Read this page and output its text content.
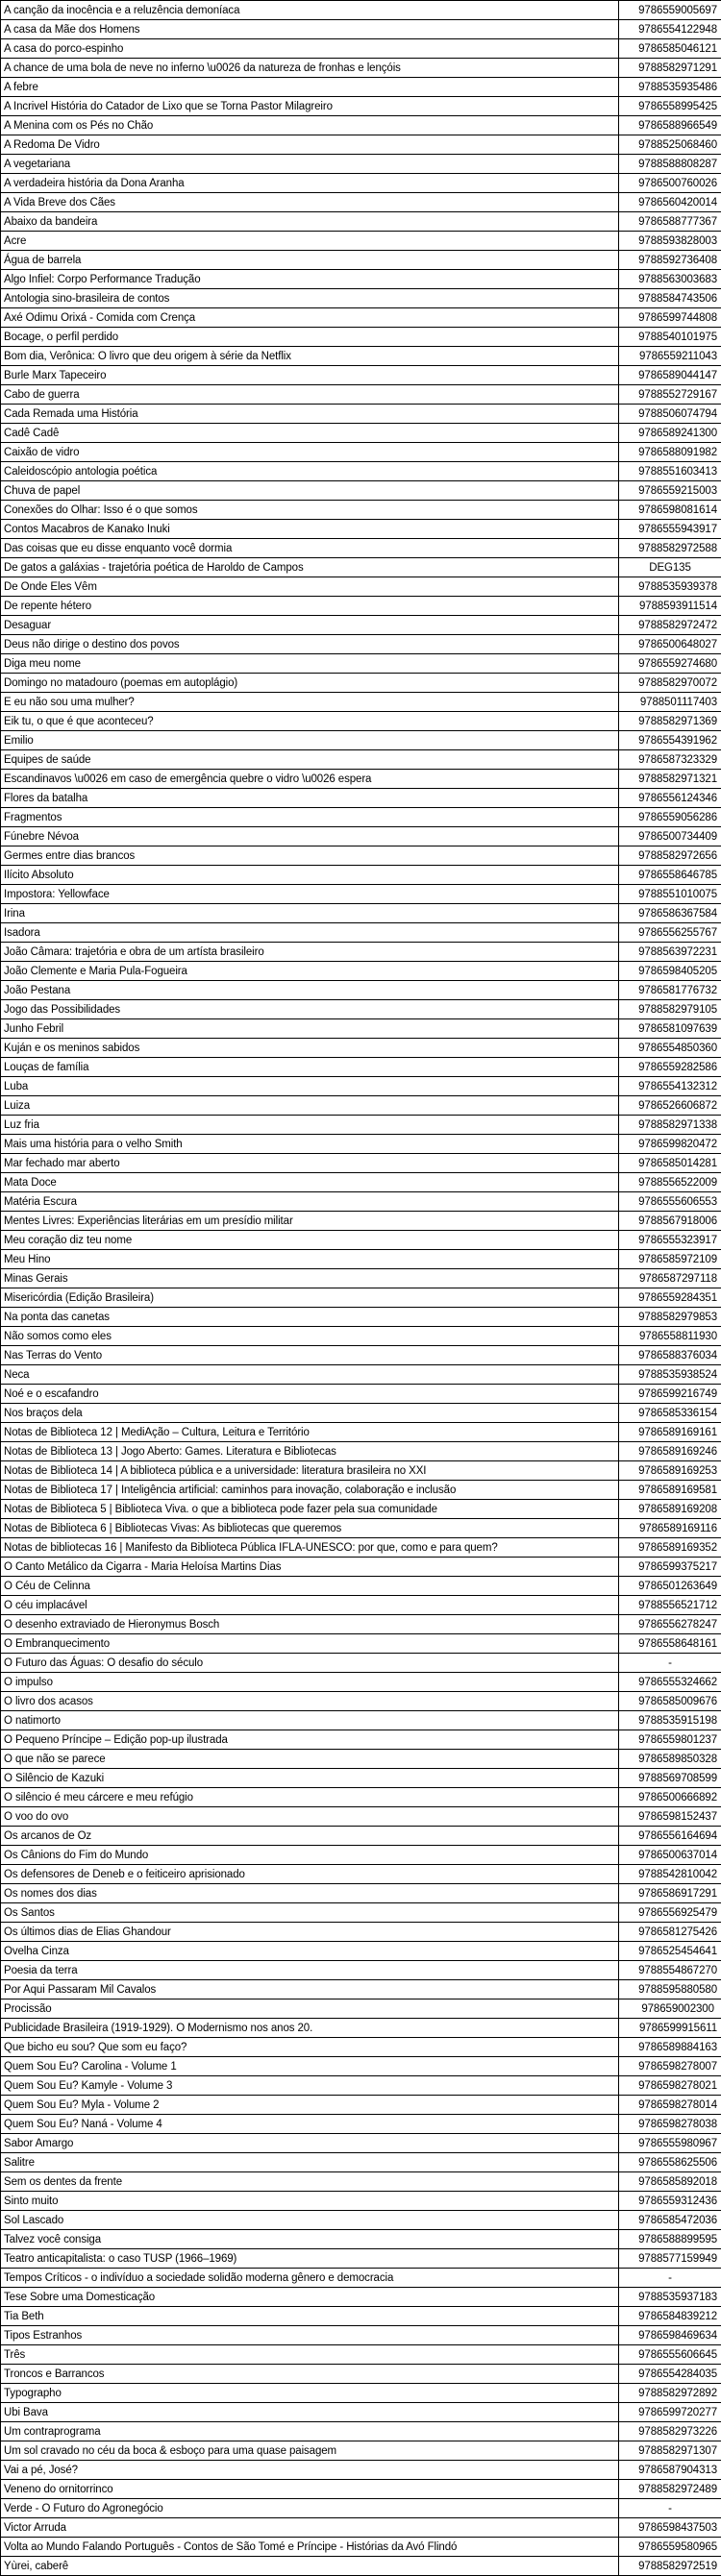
A canção da inocência e a reluzência demoníaca	9786559005697
A casa da Mãe dos Homens	9786554122948
A casa do porco-espinho	9786585046121
A chance de uma bola de neve no inferno \u0026 da natureza de fronhas e lençóis	9788582971291
A febre	9788535935486
A Incrivel História do Catador de Lixo que se Torna Pastor Milagreiro	9786558995425
A Menina com os Pés no Chão	9786588966549
A Redoma De Vidro	9788525068460
A vegetariana	9788588808287
A verdadeira história da Dona Aranha	9786500760026
A Vida Breve dos Cães	9786560420014
Abaixo da bandeira	9786588777367
Acre	9788593828003
Água de barrela	9788592736408
Algo Infiel: Corpo Performance Tradução	9788563003683
Antologia sino-brasileira de contos	9788584743506
Axé Odimu Orixá - Comida com Crença	9786599744808
Bocage, o perfil perdido	9788540101975
Bom dia, Verônica: O livro que deu origem à série da Netflix	9786559211043
Burle Marx Tapeceiro	9786589044147
Cabo de guerra	9788552729167
Cada Remada uma História	9788506074794
Cadê Cadê	9786589241300
Caixão de vidro	9786588091982
Caleidoscópio antologia poética	9788551603413
Chuva de papel	9786559215003
Conexões do Olhar: Isso é o que somos	9786598081614
Contos Macabros de Kanako Inuki	9786555943917
Das coisas que eu disse enquanto você dormia	9788582972588
De gatos a galáxias - trajetória poética de Haroldo de Campos	DEG135
De Onde Eles Vêm	9788535939378
De repente hétero	9788593911514
Desaguar	9788582972472
Deus não dirige o destino dos povos	9786500648027
Diga meu nome	9786559274680
Domingo no matadouro (poemas em autoplágio)	9788582970072
E eu não sou uma mulher?	9788501117403
Eik tu, o que é que aconteceu?	9788582971369
Emilio	9786554391962
Equipes de saúde	9786587323329
Escandinavos \u0026 em caso de emergência quebre o vidro \u0026 espera	9788582971321
Flores da batalha	9786556124346
Fragmentos	9786559056286
Fúnebre Névoa	9786500734409
Germes entre dias brancos	9788582972656
Ilícito Absoluto	9786558646785
Impostora: Yellowface	9788551010075
Irina	9786586367584
Isadora	9786556255767
João Câmara: trajetória e obra de um artísta brasileiro	9788563972231
João Clemente e Maria Pula-Fogueira	9786598405205
João Pestana	9786581776732
Jogo das Possibilidades	9788582979105
Junho Febril	9786581097639
Kuján e os meninos sabidos	9786554850360
Louças de família	9786559282586
Luba	9786554132312
Luiza	9786526606872
Luz fria	9788582971338
Mais uma história para o velho Smith	9786599820472
Mar fechado mar aberto	9786585014281
Mata Doce	9788556522009
Matéria Escura	9786555606553
Mentes Livres: Experiências literárias em um presídio militar	9788567918006
Meu coração diz teu nome	9786555323917
Meu Hino	9786585972109
Minas Gerais	9786587297118
Misericórdia (Edição Brasileira)	9786559284351
Na ponta das canetas	9788582979853
Não somos como eles	9786558811930
Nas Terras do Vento	9786588376034
Neca	9788535938524
Noé e o escafandro	9786599216749
Nos braços dela	9786585336154
Notas de Biblioteca 12 | MediAção – Cultura, Leitura e Território	9786589169161
Notas de Biblioteca 13 | Jogo Aberto: Games. Literatura e Bibliotecas	9786589169246
Notas de Biblioteca 14 | A biblioteca pública e a universidade: literatura brasileira no XXI	9786589169253
Notas de Biblioteca 17 | Inteligência artificial: caminhos para inovação, colaboração e inclusão	9786589169581
Notas de Biblioteca 5 | Biblioteca Viva. o que a biblioteca pode fazer pela sua comunidade	9786589169208
Notas de Biblioteca 6 | Bibliotecas Vivas: As bibliotecas que queremos	9786589169116
Notas de bibliotecas 16 | Manifesto da Biblioteca Pública IFLA-UNESCO: por que, como e para quem?	9786589169352
O Canto Metálico da Cigarra - Maria Heloísa Martins Dias	9786599375217
O Céu de Celinna	9786501263649
O céu implacável	9788556521712
O desenho extraviado de Hieronymus Bosch	9786556278247
O Embranquecimento	9786558648161
O Futuro das Águas: O desafio do século	-
O impulso	9786555324662
O livro dos acasos	9786585009676
O natimorto	9788535915198
O Pequeno Príncipe – Edição pop-up ilustrada	9786559801237
O que não se parece	9786589850328
O Silêncio de Kazuki	9788569708599
O silêncio é meu cárcere e meu refúgio	9786500666892
O voo do ovo	9786598152437
Os arcanos de Oz	9786556164694
Os Cânions do Fim do Mundo	9786500637014
Os defensores de Deneb e o feiticeiro aprisionado	9788542810042
Os nomes dos dias	9786586917291
Os Santos	9786556925479
Os últimos dias de Elias Ghandour	9786581275426
Ovelha Cinza	9786525454641
Poesia da terra	9788554867270
Por Aqui Passaram Mil Cavalos	9788595880580
Procissão	978659002300
Publicidade Brasileira (1919-1929). O Modernismo nos anos 20.	9786599915611
Que bicho eu sou? Que som eu faço?	9786589884163
Quem Sou Eu? Carolina - Volume 1	9786598278007
Quem Sou Eu? Kamyle - Volume 3	9786598278021
Quem Sou Eu? Myla - Volume 2	9786598278014
Quem Sou Eu? Naná - Volume 4	9786598278038
Sabor Amargo	9786555980967
Salitre	9786558625506
Sem os dentes da frente	9786585892018
Sinto muito	9786559312436
Sol Lascado	9786585472036
Talvez você consiga	9786588899595
Teatro anticapitalista: o caso TUSP (1966–1969)	9788577159949
Tempos Críticos - o indivíduo a sociedade solidão moderna gênero e democracia	-
Tese Sobre uma Domesticação	9788535937183
Tia Beth	9786584839212
Tipos Estranhos	9786598469634
Três	9786555606645
Troncos e Barrancos	9786554284035
Typographo	9788582972892
Ubi Bava	9786599720277
Um contraprograma	9788582973226
Um sol cravado no céu da boca & esboço para uma quase paisagem	9788582971307
Vai a pé, José?	9786587904313
Veneno do ornitorrinco	9788582972489
Verde - O Futuro do Agronegócio	-
Victor Arruda	9786598437503
Volta ao Mundo Falando Português - Contos de São Tomé e Príncipe - Histórias da Avó Flindó	9786559580965
Yùrei, caberê	9788582972519
